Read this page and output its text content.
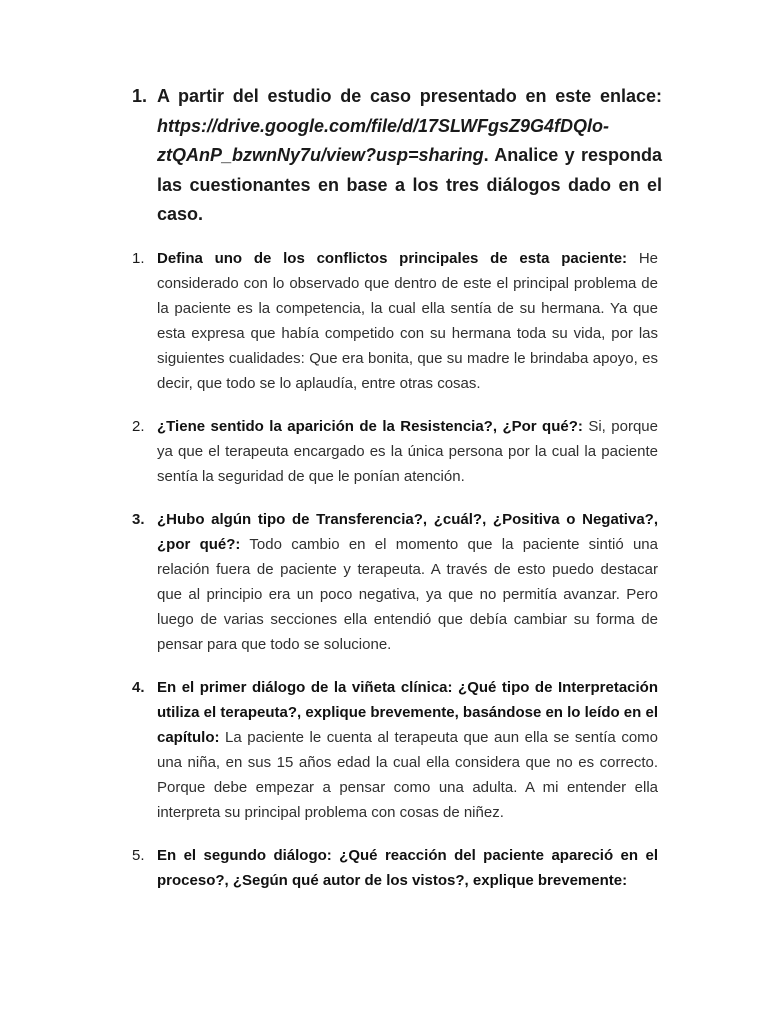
1. A partir del estudio de caso presentado en este enlace: https://drive.google.com/file/d/17SLWFgsZ9G4fDQlo-ztQAnP_bzwnNy7u/view?usp=sharing. Analice y responda las cuestionantes en base a los tres diálogos dado en el caso.
1. Defina uno de los conflictos principales de esta paciente: He considerado con lo observado que dentro de este el principal problema de la paciente es la competencia, la cual ella sentía de su hermana. Ya que esta expresa que había competido con su hermana toda su vida, por las siguientes cualidades: Que era bonita, que su madre le brindaba apoyo, es decir, que todo se lo aplaudía, entre otras cosas.
2. ¿Tiene sentido la aparición de la Resistencia?, ¿Por qué?: Si, porque ya que el terapeuta encargado es la única persona por la cual la paciente sentía la seguridad de que le ponían atención.
3. ¿Hubo algún tipo de Transferencia?, ¿cuál?, ¿Positiva o Negativa?, ¿por qué?: Todo cambio en el momento que la paciente sintió una relación fuera de paciente y terapeuta. A través de esto puedo destacar que al principio era un poco negativa, ya que no permitía avanzar. Pero luego de varias secciones ella entendió que debía cambiar su forma de pensar para que todo se solucione.
4. En el primer diálogo de la viñeta clínica: ¿Qué tipo de Interpretación utiliza el terapeuta?, explique brevemente, basándose en lo leído en el capítulo: La paciente le cuenta al terapeuta que aun ella se sentía como una niña, en sus 15 años edad la cual ella considera que no es correcto. Porque debe empezar a pensar como una adulta. A mi entender ella interpreta su principal problema con cosas de niñez.
5. En el segundo diálogo: ¿Qué reacción del paciente apareció en el proceso?, ¿Según qué autor de los vistos?, explique brevemente:
